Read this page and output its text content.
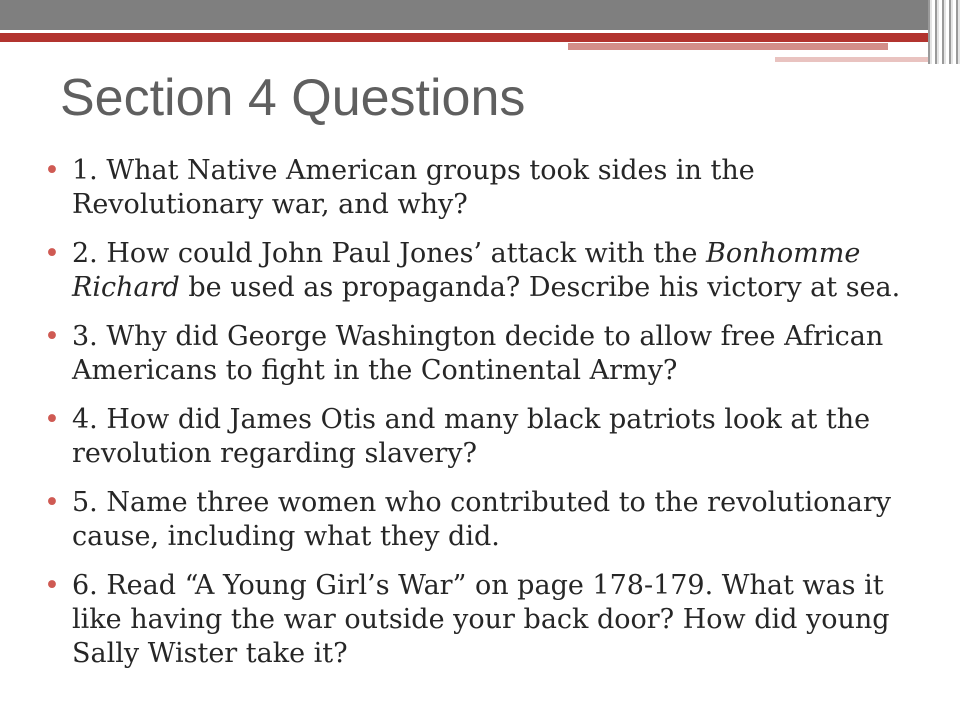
Section 4 Questions
• 1. What Native American groups took sides in the
Revolutionary war, and why?
• 2. How could John Paul Jones’ attack with the Bonhomme
Richard be used as propaganda? Describe his victory at sea.
• 3. Why did George Washington decide to allow free African
Americans to fight in the Continental Army?
• 4. How did James Otis and many black patriots look at the
revolution regarding slavery?
• 5. Name three women who contributed to the revolutionary
cause, including what they did.
• 6. Read “A Young Girl’s War” on page 178-179. What was it
like having the war outside your back door? How did young
Sally Wister take it?
